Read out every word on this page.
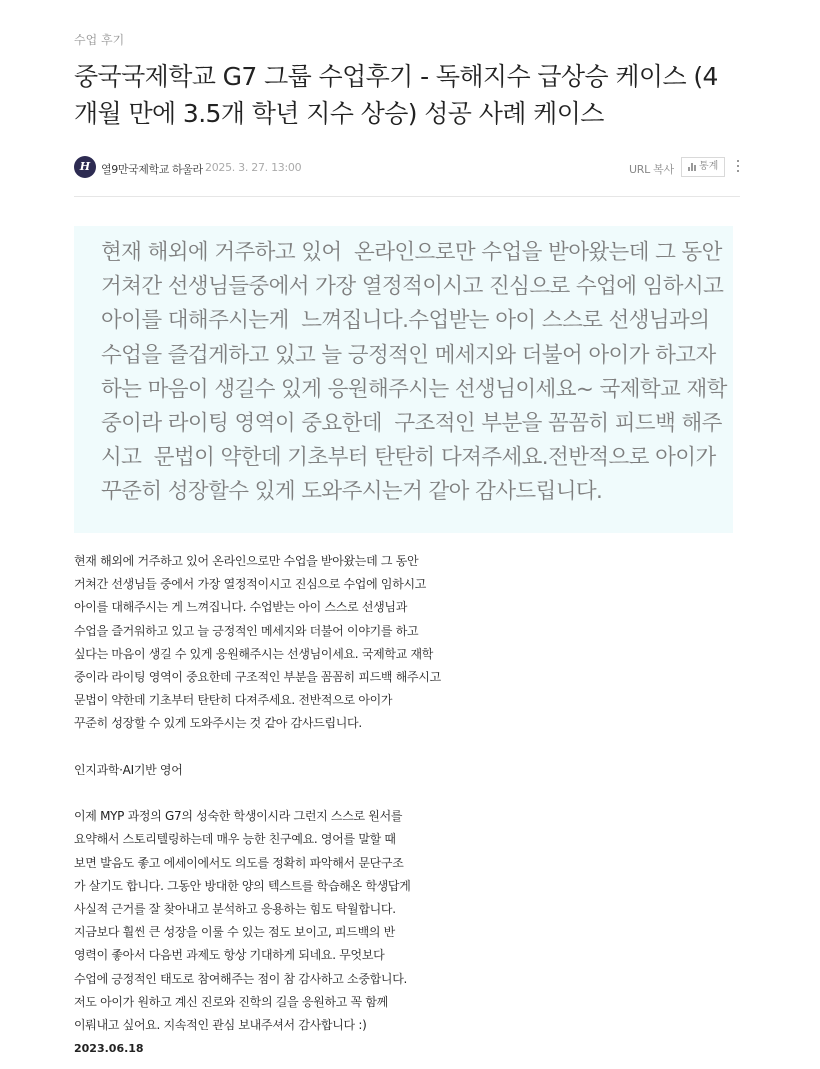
수업 후기
중국국제학교 G7 그룹 수업후기 - 독해지수 급상승 케이스 (4개월 만에 3.5개 학년 지수 상승) 성공 사례 케이스
H 열9만국제학교 하울라 2025. 3. 27. 13:00	URL 복사	통계
현재 해외에 거주하고 있어  온라인으로만 수업을 받아왔는데 그 동안
거쳐간 선생님들중에서 가장 열정적이시고 진심으로 수업에 임하시고
아이를 대해주시는게  느껴집니다.수업받는 아이 스스로 선생님과의
수업을 즐겁게하고 있고 늘 긍정적인 메세지와 더불어 아이가 하고자
하는 마음이 생길수 있게 응원해주시는 선생님이세요~ 국제학교 재학
중이라 라이팅 영역이 중요한데  구조적인 부분을 꼼꼼히 피드백 해주
시고  문법이 약한데 기초부터 탄탄히 다져주세요.전반적으로 아이가
꾸준히 성장할수 있게 도와주시는거 같아 감사드립니다.

현재 해외에 거주하고 있어 온라인으로만 수업을 받아왔는데 그 동안

거쳐간 선생님들 중에서 가장 열정적이시고 진심으로 수업에 임하시고

아이를 대해주시는 게 느껴집니다. 수업받는 아이 스스로 선생님과

수업을 즐거워하고 있고 늘 긍정적인 메세지와 더불어 이야기를 하고

싶다는 마음이 생길 수 있게 응원해주시는 선생님이세요. 국제학교 재학

중이라 라이팅 영역이 중요한데 구조적인 부분을 꼼꼼히 피드백 해주시고

문법이 약한데 기초부터 탄탄히 다져주세요. 전반적으로 아이가

꾸준히 성장할 수 있게 도와주시는 것 같아 감사드립니다.

인지과학·AI기반 영어

이제 MYP 과정의 G7의 성숙한 학생이시라 그런지 스스로 원서를

요약해서 스토리텔링하는데 매우 능한 친구예요. 영어를 말할 때

보면 발음도 좋고 에세이에서도 의도를 정확히 파악해서 문단구조

가 살기도 합니다. 그동안 방대한 양의 텍스트를 학습해온 학생답게

사실적 근거를 잘 찾아내고 분석하고 응용하는 힘도 탁월합니다.

지금보다 훨씬 큰 성장을 이룰 수 있는 점도 보이고, 피드백의 반

영력이 좋아서 다음번 과제도 항상 기대하게 되네요. 무엇보다

수업에 긍정적인 태도로 참여해주는 점이 참 감사하고 소중합니다.

저도 아이가 원하고 계신 진로와 진학의 길을 응원하고 꼭 함께

이뤄내고 싶어요. 지속적인 관심 보내주셔서 감사합니다 :)

2023.06.18
